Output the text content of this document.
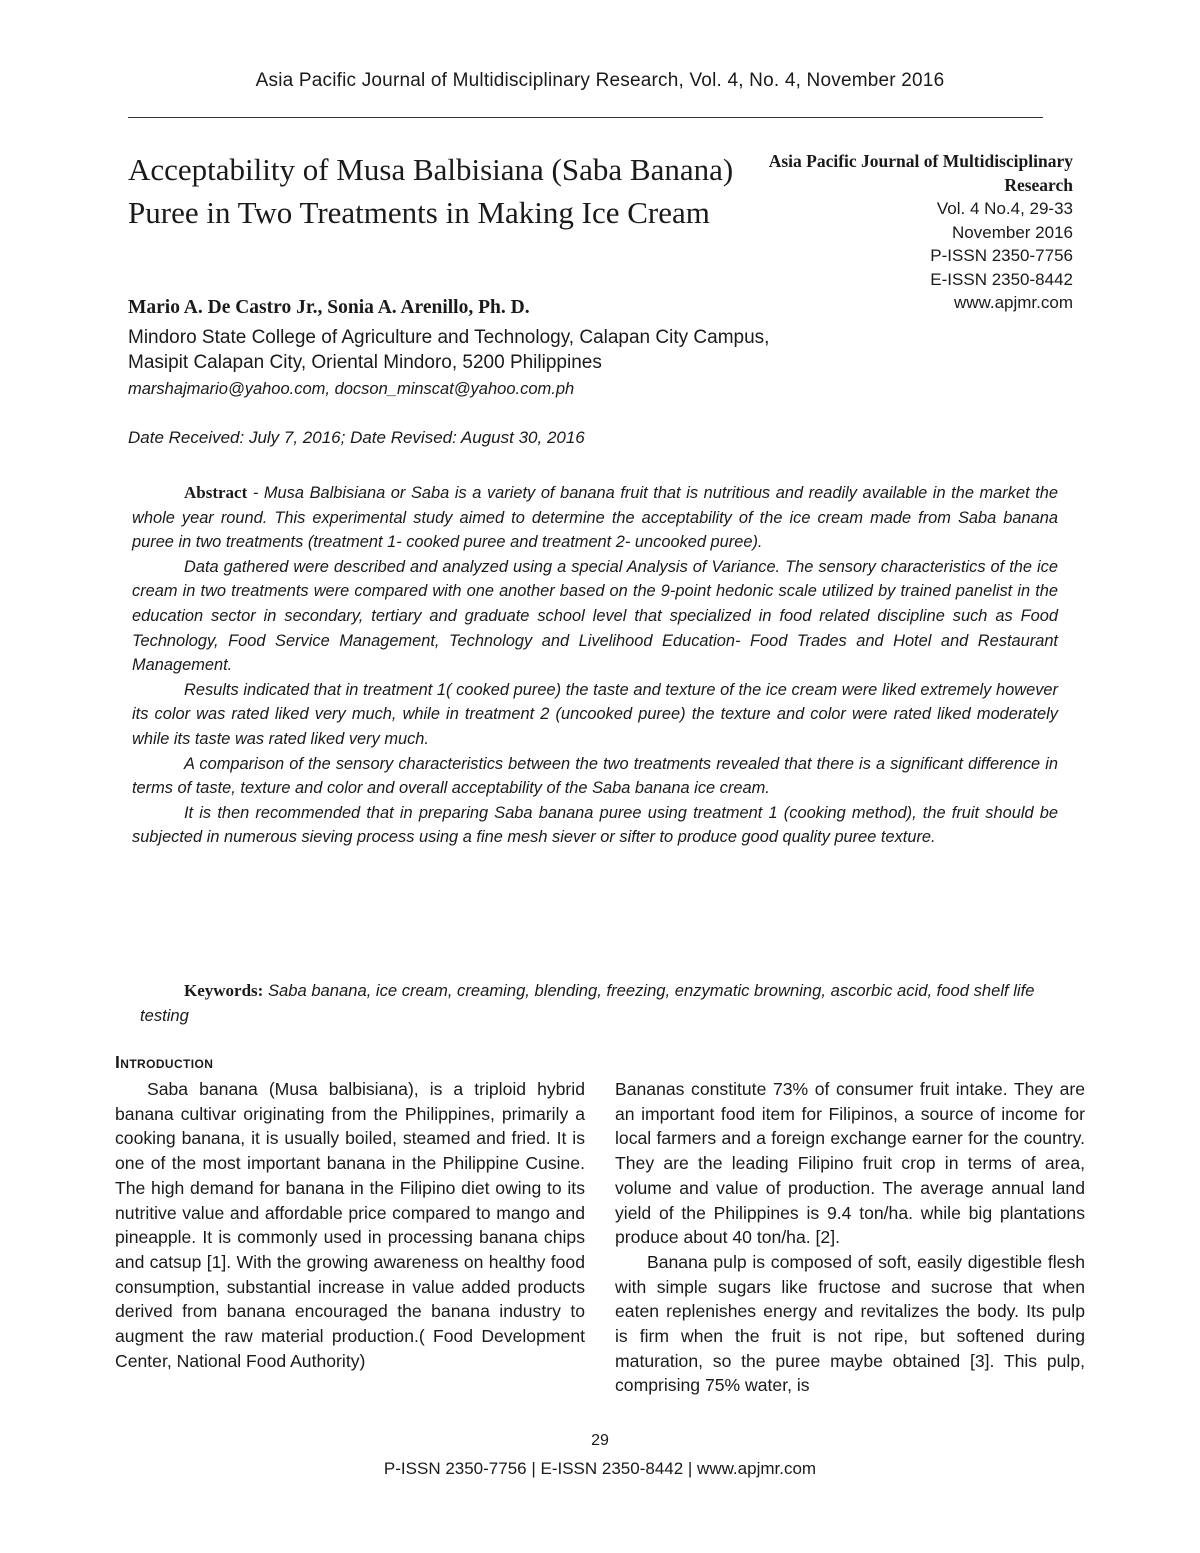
Asia Pacific Journal of Multidisciplinary Research, Vol. 4, No. 4, November 2016
Acceptability of Musa Balbisiana (Saba Banana) Puree in Two Treatments in Making Ice Cream
Asia Pacific Journal of Multidisciplinary Research
Vol. 4 No.4, 29-33
November 2016
P-ISSN 2350-7756
E-ISSN 2350-8442
www.apjmr.com
Mario A. De Castro Jr., Sonia A. Arenillo, Ph. D.
Mindoro State College of Agriculture and Technology, Calapan City Campus, Masipit Calapan City, Oriental Mindoro, 5200 Philippines
marshajmario@yahoo.com, docson_minscat@yahoo.com.ph
Date Received: July 7, 2016; Date Revised: August 30, 2016

Abstract - Musa Balbisiana or Saba is a variety of banana fruit that is nutritious and readily available in the market the whole year round. This experimental study aimed to determine the acceptability of the ice cream made from Saba banana puree in two treatments (treatment 1- cooked puree and treatment 2- uncooked puree).

Data gathered were described and analyzed using a special Analysis of Variance. The sensory characteristics of the ice cream in two treatments were compared with one another based on the 9-point hedonic scale utilized by trained panelist in the education sector in secondary, tertiary and graduate school level that specialized in food related discipline such as Food Technology, Food Service Management, Technology and Livelihood Education- Food Trades and Hotel and Restaurant Management.

Results indicated that in treatment 1( cooked puree) the taste and texture of the ice cream were liked extremely however its color was rated liked very much, while in treatment 2 (uncooked puree) the texture and color were rated liked moderately while its taste was rated liked very much.

A comparison of the sensory characteristics between the two treatments revealed that there is a significant difference in terms of taste, texture and color and overall acceptability of the Saba banana ice cream.

It is then recommended that in preparing Saba banana puree using treatment 1 (cooking method), the fruit should be subjected in numerous sieving process using a fine mesh siever or sifter to produce good quality puree texture.

Keywords: Saba banana, ice cream, creaming, blending, freezing, enzymatic browning, ascorbic acid, food shelf life testing
Introduction

Saba banana (Musa balbisiana), is a triploid hybrid banana cultivar originating from the Philippines, primarily a cooking banana, it is usually boiled, steamed and fried. It is one of the most important banana in the Philippine Cusine. The high demand for banana in the Filipino diet owing to its nutritive value and affordable price compared to mango and pineapple. It is commonly used in processing banana chips and catsup [1]. With the growing awareness on healthy food consumption, substantial increase in value added products derived from banana encouraged the banana industry to augment the raw material production.( Food Development Center, National Food Authority)

Bananas constitute 73% of consumer fruit intake. They are an important food item for Filipinos, a source of income for local farmers and a foreign exchange earner for the country. They are the leading Filipino fruit crop in terms of area, volume and value of production. The average annual land yield of the Philippines is 9.4 ton/ha. while big plantations produce about 40 ton/ha. [2].

Banana pulp is composed of soft, easily digestible flesh with simple sugars like fructose and sucrose that when eaten replenishes energy and revitalizes the body. Its pulp is firm when the fruit is not ripe, but softened during maturation, so the puree maybe obtained [3]. This pulp, comprising 75% water, is

29
P-ISSN 2350-7756 | E-ISSN 2350-8442 | www.apjmr.com
